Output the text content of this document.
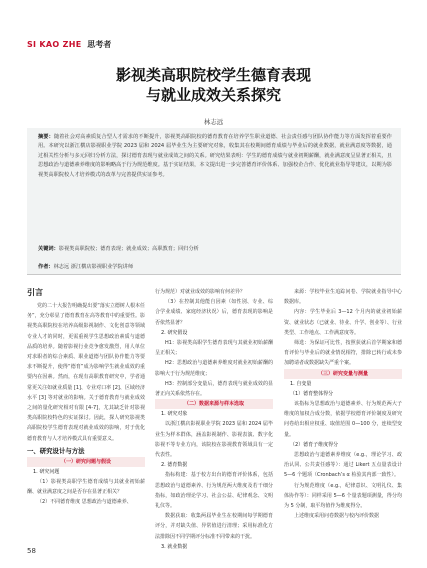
SI KAO ZHE 思考者
影视类高职院校学生德育表现
与就业成效关系探究
林志远
摘要：随着社会对高素质复合型人才需求的不断提升，影视类高职院校的德育教育在培养学生职业道德、社会责任感与团队协作能力等方面发挥着重要作用。本研究以浙江横店影视职业学院 2023 届和 2024 届毕业生为主要研究对象，收集其在校期间德育成绩与毕业后的就业数据，就业满意度等数据，通过相关性分析与多元回归分析方法，探讨德育表现与就业成效之间的关系。研究结果表明：学生的德育成绩与就业初期薪酬，就业满意度呈显著正相关，且思想政治与道德素养维度的影响略高于行为规范维度。基于实证结果，本文提出进一步完善德育评价体系、加强校企合作、优化就业指导等建议，以期为影视类高职院校人才培养模式的改革与完善提供实证参考。
关键词：影视类高职院校；德育表现；就业成效；高职教育；回归分析
作者：林志远 浙江横店影视职业学院讲师

引言

党的二十大报告明确提出要“落实立德树人根本任务”，充分彰显了德育教育在高等教育中的重要性。影视类高职院校在培养高级影视制作、文化创意等领域专业人才的同时，更需重视学生思想政治素质与道德品质的培养。随着影视行业竞争愈发激烈，用人单位对求职者的综合素质、职业道德与团队协作能力等要求不断提升，使得“德育”成为影响学生就业成效的重要内在因素。然而，在现有高职教育研究中，学者通常更关注如就业质量 [1]、专业对口率 [2]、区域经济水平 [3] 等对就业的影响。关于德育教育与就业成效之间的量化研究相对有限 [4-7]，尤其缺乏针对影视类高职院校特色的实证探讨。因此，探人研究影视类高职院校学生德育表现对就业成效的影响，对于优化德育教育与人才培养模式具有重要意义。

一、研究设计与方法

（一）研究问题与假设

1. 研究问题

（1）影视类高职学生德育成绩与其就业初始薪酬、就业满意度之间是否存在显著正相关？

（2）不同德育维度 思想政治与道德素养、

行为规范）对就业成效的影响有何差异？

（3）在控制其他能自因素（如性别、专业、综合学业成绩、家庭经济状况）后，德育表现的影响是否依然显著？

2. 研究假设

H1：影视类高职学生德育表现与其就业初始薪酬呈正相关；

H2：思想政治与道德素养维度对就业初始薪酬的影响大于行为规范维度；

H3：控制部分变量后，德育表现与就业成效的显著正向关系依然存在。

（二）数据来源与样本选取

1. 研究对象

以浙江横店影视职业学院 2023 届和 2024 届毕业生为样本群体，涵盖影视制作、影视表演、数字化影视不等专业方向，该院校在影视教育领域具有一定代表性。

2. 德育数据

指标构建：基于校方出台的德育评价体系，包括思想政治与道德素养、行为规范两大维度及若干细分指标，如政治理论学习、社会公益、纪律观念、文明礼仪等。

数据获取：收集两届毕业生在校期间每学期德育评分，并对缺失值、异常值进行清理；采用标准化方法排除因不同学期评分标准不同带来的干扰。

3. 就业数据

来源：学校毕业生追踪问卷、学院就业指导中心数据库。

内容：学生毕业后 3—12 个月内的就业初始薪资、就业状态（已就业、待业、升学、创业等）、行业类型、工作地点、工作满意度等。

筛选：为保证可比性，按照获就后首学期家和德育评价与毕业后的就业情况相符，排除已转行或未参加聘请者或数据缺失严重个案。

（三）研究变量与测量

1. 自变量

（1）德育整体得分

该指标为思想政治与道德素养、行为规范两大子维度的加权合成分数，依据学校德育评价制度及研究问卷给出相应权重、取值范围 0—100 分，连续型变量。

（2）德育子维度得分

思想政治与道德素养维度（e.g.，理论学习、政治认同、公共责任感等）：通过 Likert 五点量表设计 5—6 个题项（Cronbach’s α 检验其内部一致性）。

行为规范维度（e.g.，纪律意识、文明礼仪、集体协作等）：同样采用 5—6 个量表题项测量，得分均为 5 分制，取平均值作为维度得分。

上述维度采用问卷数据与校内评价数据

58
